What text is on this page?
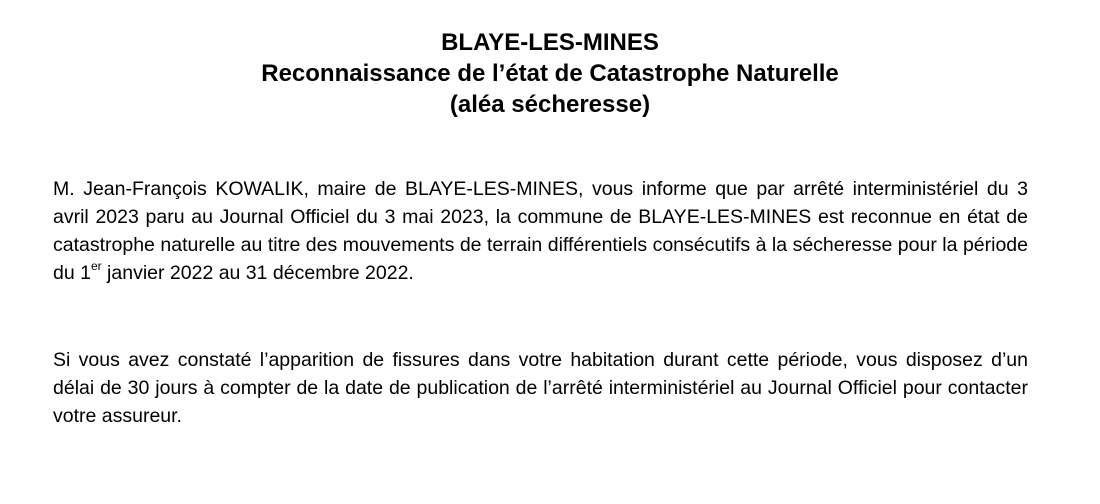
BLAYE-LES-MINES
Reconnaissance de l’état de Catastrophe Naturelle
(aléa sécheresse)

M. Jean-François KOWALIK, maire de BLAYE-LES-MINES, vous informe que par arrêté interministériel du 3 avril 2023 paru au Journal Officiel du 3 mai 2023, la commune de BLAYE-LES-MINES est reconnue en état de catastrophe naturelle au titre des mouvements de terrain différentiels consécutifs à la sécheresse pour la période du 1er janvier 2022 au 31 décembre 2022.

Si vous avez constaté l’apparition de fissures dans votre habitation durant cette période, vous disposez d’un délai de 30 jours à compter de la date de publication de l’arrêté interministériel au Journal Officiel pour contacter votre assureur.
